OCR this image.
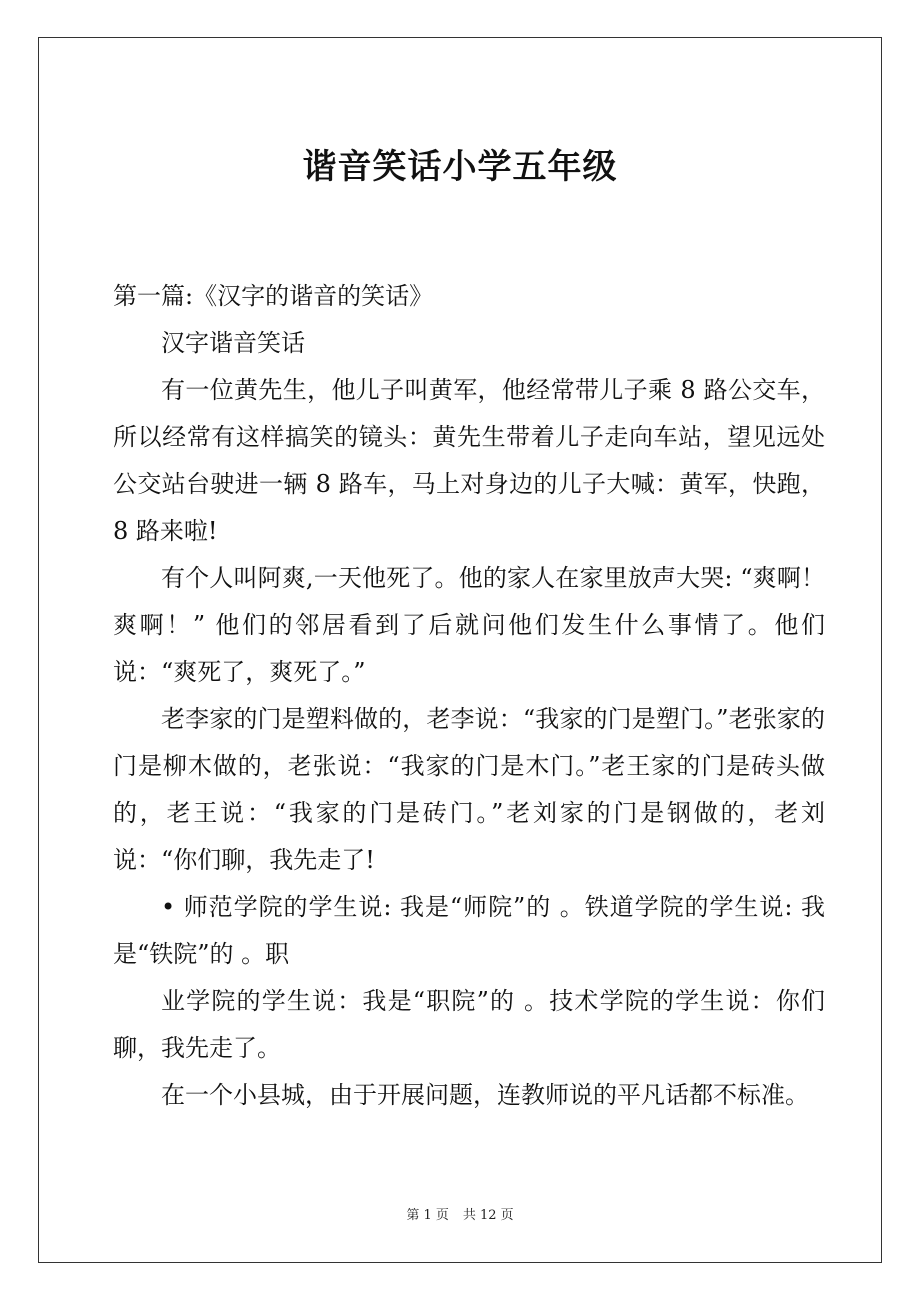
谐音笑话小学五年级

第一篇:《汉字的谐音的笑话》

汉字谐音笑话

有一位黄先生，他儿子叫黄军，他经常带儿子乘 8 路公交车，所以经常有这样搞笑的镜头：黄先生带着儿子走向车站，望见远处公交站台驶进一辆 8 路车，马上对身边的儿子大喊：黄军，快跑，8 路来啦!

有个人叫阿爽,一天他死了。他的家人在家里放声大哭: “爽啊！爽啊！” 他们的邻居看到了后就问他们发生什么事情了。他们说：“爽死了，爽死了。”

老李家的门是塑料做的，老李说：“我家的门是塑门。”老张家的门是柳木做的，老张说：“我家的门是木门。”老王家的门是砖头做的，老王说：“我家的门是砖门。”老刘家的门是钢做的，老刘说：“你们聊，我先走了!

• 师范学院的学生说: 我是“师院”的 。铁道学院的学生说: 我是“铁院”的 。职

业学院的学生说：我是“职院”的 。技术学院的学生说：你们聊，我先走了。

在一个小县城，由于开展问题，连教师说的平凡话都不标准。

第 1 页 共 12 页
